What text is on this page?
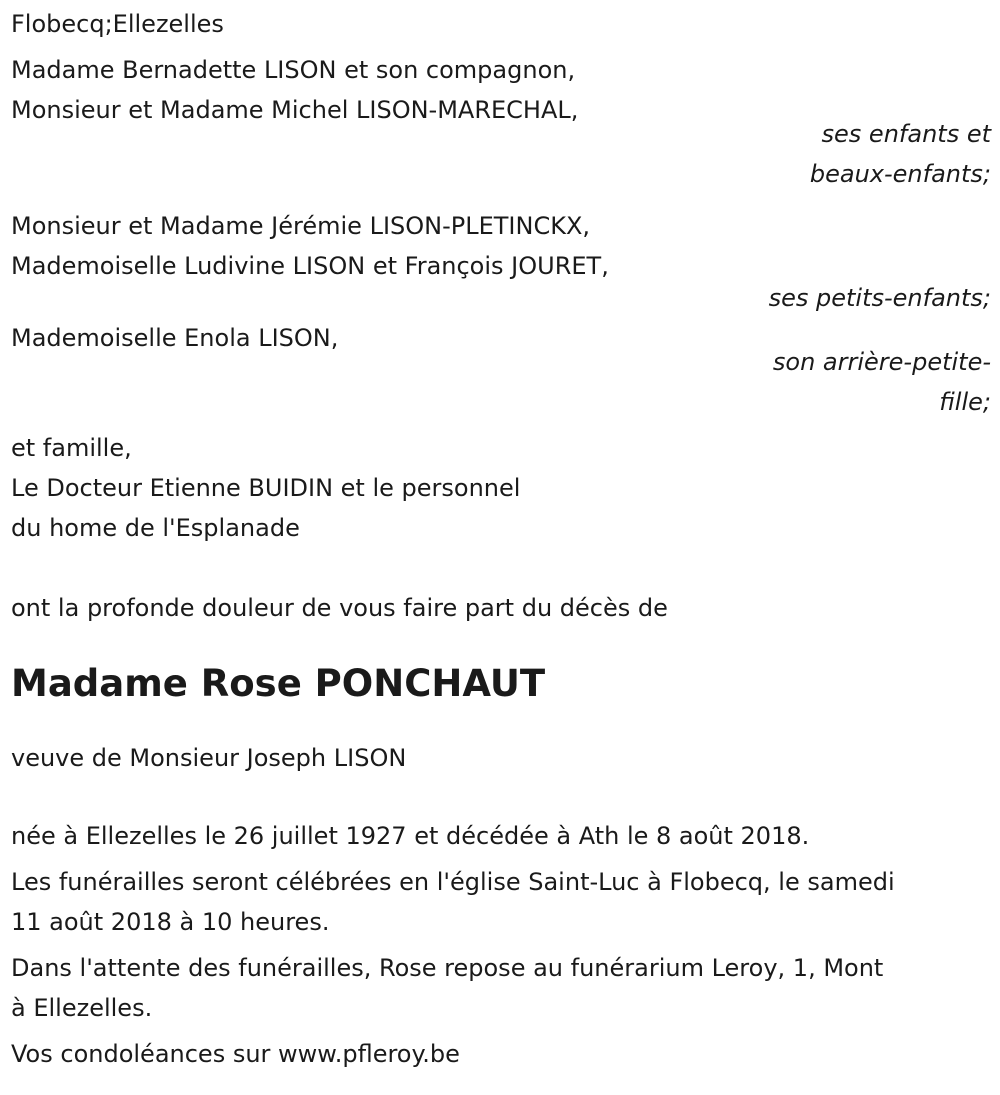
Flobecq;Ellezelles
Madame Bernadette LISON et son compagnon,
Monsieur et Madame Michel LISON-MARECHAL,
ses enfants et
beaux-enfants;
Monsieur et Madame Jérémie LISON-PLETINCKX,
Mademoiselle Ludivine LISON et François JOURET,
ses petits-enfants;
Mademoiselle Enola LISON,
son arrière-petite-
fille;
et famille,
Le Docteur Etienne BUIDIN et le personnel
du home de l'Esplanade
ont la profonde douleur de vous faire part du décès de
Madame Rose PONCHAUT
veuve de Monsieur Joseph LISON
née à Ellezelles le 26 juillet 1927 et décédée à Ath le 8 août 2018.
Les funérailles seront célébrées en l'église Saint-Luc à Flobecq, le samedi
11 août 2018 à 10 heures.
Dans l'attente des funérailles, Rose repose au funérarium Leroy, 1, Mont
à Ellezelles.
Vos condoléances sur www.pfleroy.be
